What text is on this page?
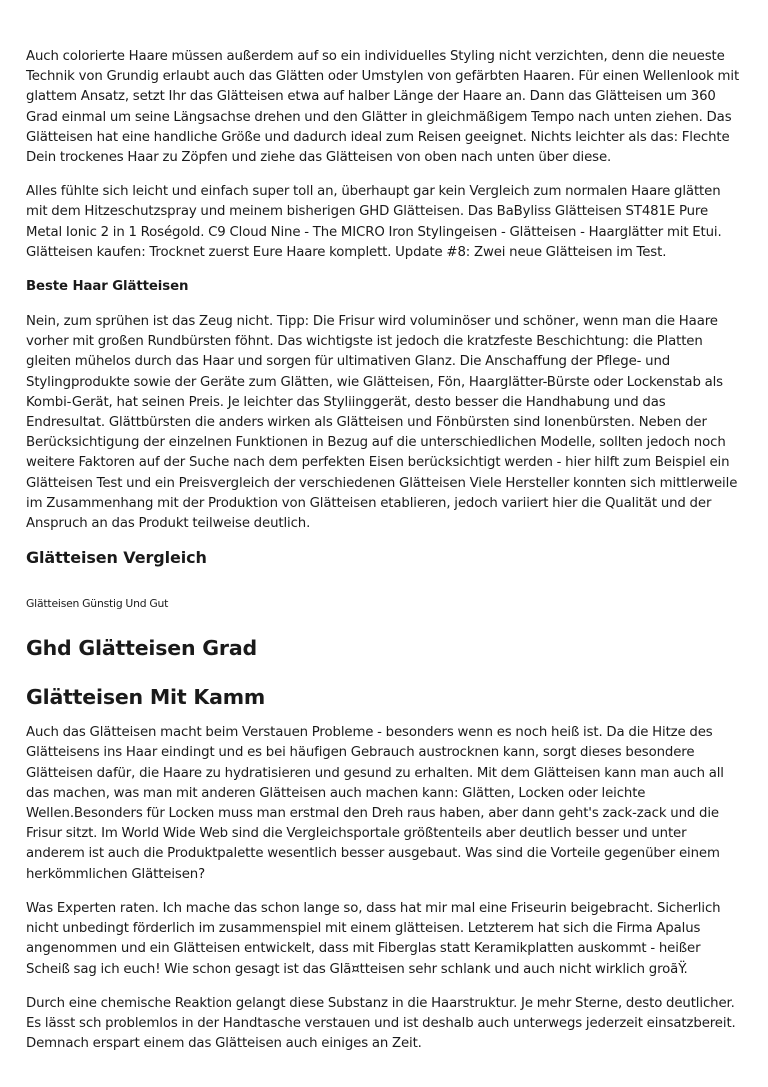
Auch colorierte Haare müssen außerdem auf so ein individuelles Styling nicht verzichten, denn die neueste Technik von Grundig erlaubt auch das Glätten oder Umstylen von gefärbten Haaren. Für einen Wellenlook mit glattem Ansatz, setzt Ihr das Glätteisen etwa auf halber Länge der Haare an. Dann das Glätteisen um 360 Grad einmal um seine Längsachse drehen und den Glätter in gleichmäßigem Tempo nach unten ziehen. Das Glätteisen hat eine handliche Größe und dadurch ideal zum Reisen geeignet. Nichts leichter als das: Flechte Dein trockenes Haar zu Zöpfen und ziehe das Glätteisen von oben nach unten über diese.

Alles fühlte sich leicht und einfach super toll an, überhaupt gar kein Vergleich zum normalen Haare glätten mit dem Hitzeschutzspray und meinem bisherigen GHD Glätteisen. Das BaByliss Glätteisen ST481E Pure Metal Ionic 2 in 1 Roségold. C9 Cloud Nine - The MICRO Iron Stylingeisen - Glätteisen - Haarglätter mit Etui. Glätteisen kaufen: Trocknet zuerst Eure Haare komplett. Update #8: Zwei neue Glätteisen im Test.

Beste Haar Glätteisen

Nein, zum sprühen ist das Zeug nicht. Tipp: Die Frisur wird voluminöser und schöner, wenn man die Haare vorher mit großen Rundbürsten föhnt. Das wichtigste ist jedoch die kratzfeste Beschichtung: die Platten gleiten mühelos durch das Haar und sorgen für ultimativen Glanz. Die Anschaffung der Pflege- und Stylingprodukte sowie der Geräte zum Glätten, wie Glätteisen, Fön, Haarglätter-Bürste oder Lockenstab als Kombi-Gerät, hat seinen Preis. Je leichter das Styliinggerät, desto besser die Handhabung und das Endresultat. Glättbürsten die anders wirken als Glätteisen und Fönbürsten sind Ionenbürsten. Neben der Berücksichtigung der einzelnen Funktionen in Bezug auf die unterschiedlichen Modelle, sollten jedoch noch weitere Faktoren auf der Suche nach dem perfekten Eisen berücksichtigt werden - hier hilft zum Beispiel ein Glätteisen Test und ein Preisvergleich der verschiedenen Glätteisen Viele Hersteller konnten sich mittlerweile im Zusammenhang mit der Produktion von Glätteisen etablieren, jedoch variiert hier die Qualität und der Anspruch an das Produkt teilweise deutlich.

Glätteisen Vergleich

Glätteisen Günstig Und Gut

Ghd Glätteisen Grad
Glätteisen Mit Kamm

Auch das Glätteisen macht beim Verstauen Probleme - besonders wenn es noch heiß ist. Da die Hitze des Glätteisens ins Haar eindingt und es bei häufigen Gebrauch austrocknen kann, sorgt dieses besondere Glätteisen dafür, die Haare zu hydratisieren und gesund zu erhalten. Mit dem Glätteisen kann man auch all das machen, was man mit anderen Glätteisen auch machen kann: Glätten, Locken oder leichte Wellen.Besonders für Locken muss man erstmal den Dreh raus haben, aber dann geht's zack-zack und die Frisur sitzt. Im World Wide Web sind die Vergleichsportale größtenteils aber deutlich besser und unter anderem ist auch die Produktpalette wesentlich besser ausgebaut. Was sind die Vorteile gegenüber einem herkömmlichen Glätteisen?

Was Experten raten. Ich mache das schon lange so, dass hat mir mal eine Friseurin beigebracht. Sicherlich nicht unbedingt förderlich im zusammenspiel mit einem glätteisen. Letzterem hat sich die Firma Apalus angenommen und ein Glätteisen entwickelt, dass mit Fiberglas statt Keramikplatten auskommt - heißer Scheiß sag ich euch! Wie schon gesagt ist das Glã¤tteisen sehr schlank und auch nicht wirklich groãŸ.

Durch eine chemische Reaktion gelangt diese Substanz in die Haarstruktur. Je mehr Sterne, desto deutlicher. Es lässt sch problemlos in der Handtasche verstauen und ist deshalb auch unterwegs jederzeit einsatzbereit. Demnach erspart einem das Glätteisen auch einiges an Zeit.
